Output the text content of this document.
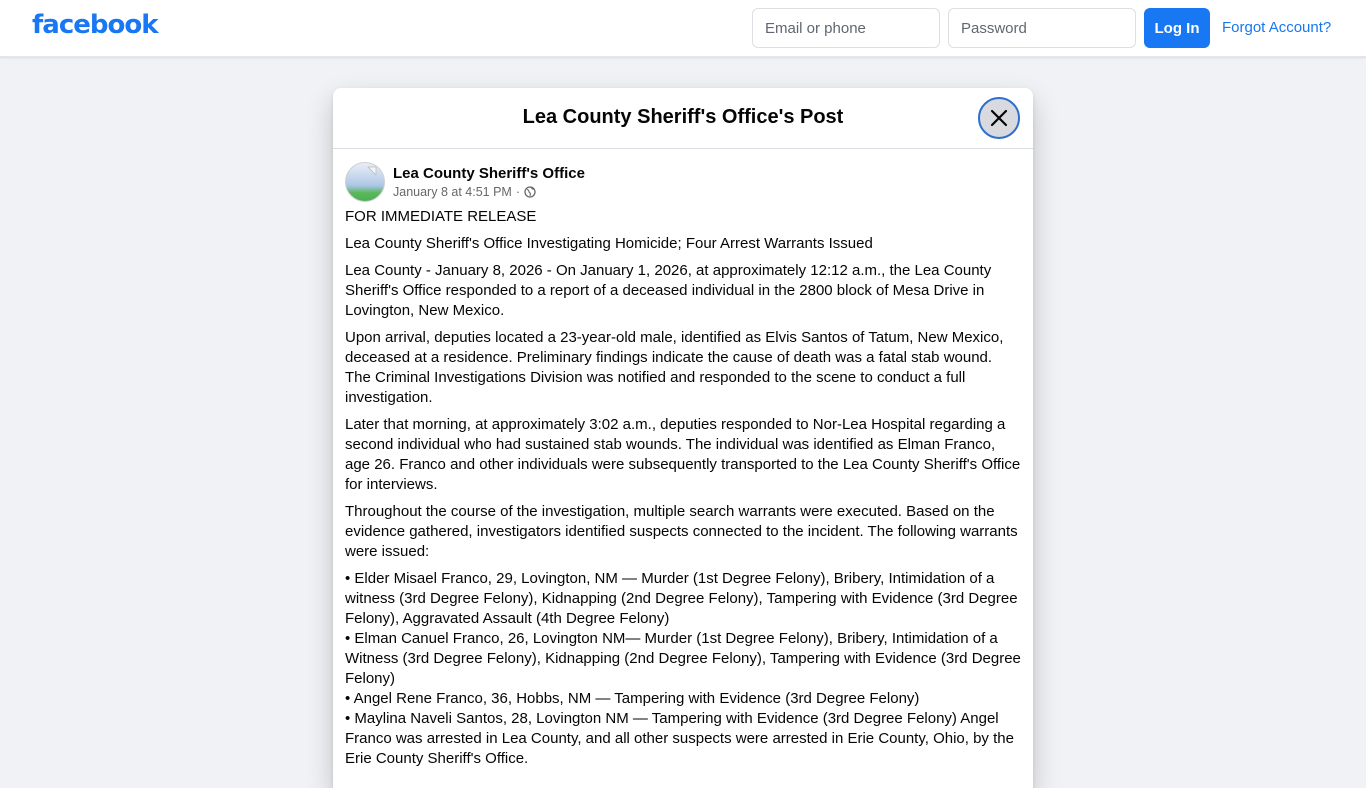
facebook
Email or phone	Log In	Forgot Account?
Lea County Sheriff's Office's Post
Lea County Sheriff's Office
January 8 at 4:51 PM ·

FOR IMMEDIATE RELEASE

Lea County Sheriff's Office Investigating Homicide; Four Arrest Warrants Issued

Lea County - January 8, 2026 - On January 1, 2026, at approximately 12:12 a.m., the Lea County Sheriff's Office responded to a report of a deceased individual in the 2800 block of Mesa Drive in Lovington, New Mexico.

Upon arrival, deputies located a 23-year-old male, identified as Elvis Santos of Tatum, New Mexico, deceased at a residence. Preliminary findings indicate the cause of death was a fatal stab wound. The Criminal Investigations Division was notified and responded to the scene to conduct a full investigation.

Later that morning, at approximately 3:02 a.m., deputies responded to Nor-Lea Hospital regarding a second individual who had sustained stab wounds. The individual was identified as Elman Franco, age 26. Franco and other individuals were subsequently transported to the Lea County Sheriff's Office for interviews.

Throughout the course of the investigation, multiple search warrants were executed. Based on the evidence gathered, investigators identified suspects connected to the incident. The following warrants were issued:

• Elder Misael Franco, 29, Lovington, NM — Murder (1st Degree Felony), Bribery, Intimidation of a witness (3rd Degree Felony), Kidnapping (2nd Degree Felony), Tampering with Evidence (3rd Degree Felony), Aggravated Assault (4th Degree Felony)

• Elman Canuel Franco, 26, Lovington NM— Murder (1st Degree Felony), Bribery, Intimidation of a Witness (3rd Degree Felony), Kidnapping (2nd Degree Felony), Tampering with Evidence (3rd Degree Felony)

• Angel Rene Franco, 36, Hobbs, NM — Tampering with Evidence (3rd Degree Felony)

• Maylina Naveli Santos, 28, Lovington NM — Tampering with Evidence (3rd Degree Felony) Angel Franco was arrested in Lea County, and all other suspects were arrested in Erie County, Ohio, by the Erie County Sheriff's Office.
